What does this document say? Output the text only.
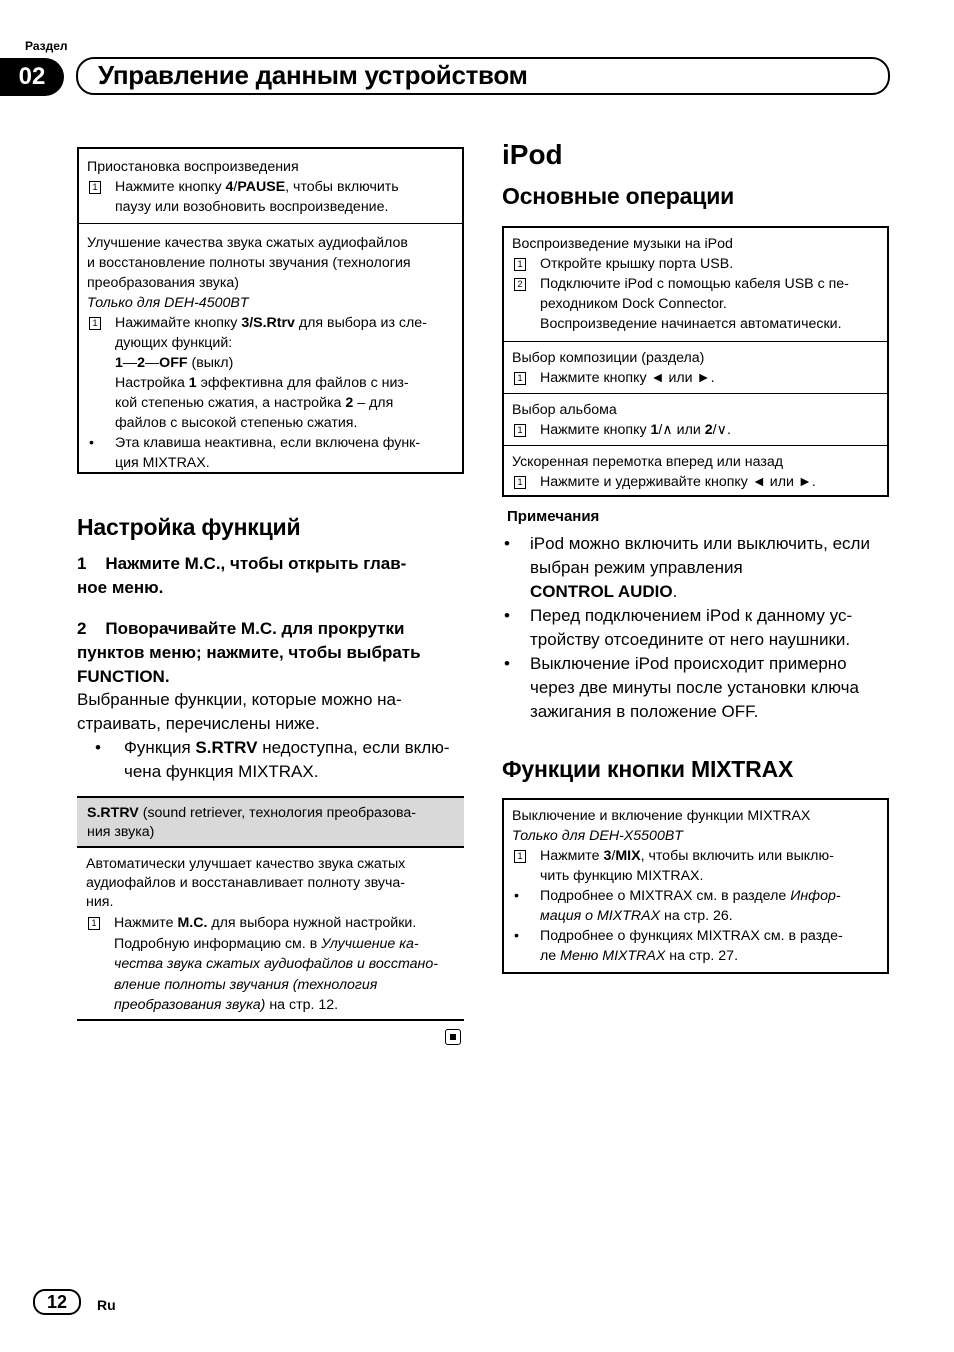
Раздел
02	Управление данным устройством
Приостановка воспроизведения
1 Нажмите кнопку 4/PAUSE, чтобы включить
паузу или возобновить воспроизведение.
Улучшение качества звука сжатых аудиофайлов
и восстановление полноты звучания (технология
преобразования звука)
Только для DEH-4500BT
1 Нажимайте кнопку 3/S.Rtrv для выбора из сле-
дующих функций:
1—2—OFF (выкл)
Настройка 1 эффективна для файлов с низ-
кой степенью сжатия, а настройка 2 – для
файлов с высокой степенью сжатия.
•	Эта клавиша неактивна, если включена функ-
ция MIXTRAX.
Настройка функций
1    Нажмите M.C., чтобы открыть глав-
ное меню.
2    Поворачивайте M.C. для прокрутки
пунктов меню; нажмите, чтобы выбрать
FUNCTION.
Выбранные функции, которые можно на-
страивать, перечислены ниже.
•	Функция S.RTRV недоступна, если вклю-
чена функция MIXTRAX.
S.RTRV (sound retriever, технология преобразова-
ния звука)
Автоматически улучшает качество звука сжатых
аудиофайлов и восстанавливает полноту звуча-
ния.
1 Нажмите M.C. для выбора нужной настройки.
Подробную информацию см. в Улучшение ка-
чества звука сжатых аудиофайлов и восстано-
вление полноты звучания (технология
преобразования звука) на стр. 12.
iPod
Основные операции
Воспроизведение музыки на iPod
1 Откройте крышку порта USB.
2 Подключите iPod с помощью кабеля USB с пе-
реходником Dock Connector.
Воспроизведение начинается автоматически.
Выбор композиции (раздела)
1 Нажмите кнопку ◄ или ►.
Выбор альбома
1 Нажмите кнопку 1/∧ или 2/∨.
Ускоренная перемотка вперед или назад
1 Нажмите и удерживайте кнопку ◄ или ►.
Примечания
•	iPod можно включить или выключить, если
выбран режим управления
CONTROL AUDIO.
•	Перед подключением iPod к данному ус-
тройству отсоедините от него наушники.
•	Выключение iPod происходит примерно
через две минуты после установки ключа
зажигания в положение OFF.
Функции кнопки MIXTRAX
Выключение и включение функции MIXTRAX
Только для DEH-X5500BT
1 Нажмите 3/MIX, чтобы включить или выклю-
чить функцию MIXTRAX.
•	Подробнее о MIXTRAX см. в разделе Инфор-
мация о MIXTRAX на стр. 26.
•	Подробнее о функциях MIXTRAX см. в разде-
ле Меню MIXTRAX на стр. 27.
12	Ru
